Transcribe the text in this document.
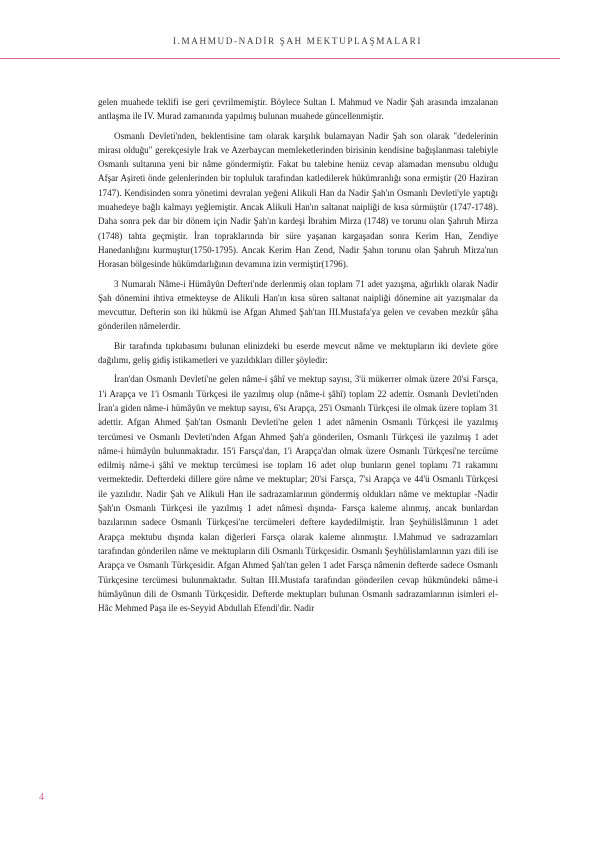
I.MAHMUD-NADİR ŞAH MEKTUPLAŞMALARI

gelen muahede teklifi ise geri çevrilmemiştir. Böylece Sultan I. Mahmud ve Nadir Şah arasında imzalanan antlaşma ile IV. Murad zamanında yapılmış bulunan muahede güncellenmiştir.

Osmanlı Devleti'nden, beklentisine tam olarak karşılık bulamayan Nadir Şah son olarak "dedelerinin mirası olduğu" gerekçesiyle Irak ve Azerbaycan memleketlerinden birisinin kendisine bağışlanması talebiyle Osmanlı sultanına yeni bir nâme göndermiştir. Fakat bu talebine henüz cevap alamadan mensubu olduğu Afşar Aşireti önde gelenlerinden bir topluluk tarafından katledilerek hükümranlığı sona ermiştir (20 Haziran 1747). Kendisinden sonra yönetimi devralan yeğeni Alikuli Han da Nadir Şah'ın Osmanlı Devleti'yle yaptığı muahedeye bağlı kalmayı yeğlemiştir. Ancak Alikuli Han'ın saltanat naipliği de kısa sürmüştür (1747-1748). Daha sonra pek dar bir dönem için Nadir Şah'ın kardeşi İbrahim Mirza (1748) ve torunu olan Şahruh Mirza (1748) tahta geçmiştir. İran topraklarında bir süre yaşanan kargaşadan sonra Kerim Han, Zendiye Hanedanlığını kurmuştur(1750-1795). Ancak Kerim Han Zend, Nadir Şahın torunu olan Şahruh Mirza'nın Horasan bölgesinde hükümdarlığının devamına izin vermiştir(1796).

3 Numaralı Nâme-i Hümâyûn Defteri'nde derlenmiş olan toplam 71 adet yazışma, ağırlıklı olarak Nadir Şah dönemini ihtiva etmekteyse de Alikuli Han'ın kısa süren saltanat naipliği dönemine ait yazışmalar da mevcuttur. Defterin son iki hükmü ise Afgan Ahmed Şah'tan III.Mustafa'ya gelen ve cevaben mezkûr şâha gönderilen nâmelerdir.

Bir tarafında tıpkıbasımı bulunan elinizdeki bu eserde mevcut nâme ve mektupların iki devlete göre dağılımı, geliş gidiş istikametleri ve yazıldıkları diller şöyledir:

İran'dan Osmanlı Devleti'ne gelen nâme-i şâhî ve mektup sayısı, 3'ü mükerrer olmak üzere 20'si Farsça, 1'i Arapça ve 1'i Osmanlı Türkçesi ile yazılmış olup (nâme-i şâhî) toplam 22 adettir. Osmanlı Devleti'nden İran'a giden nâme-i hümâyûn ve mektup sayısı, 6'sı Arapça, 25'i Osmanlı Türkçesi ile olmak üzere toplam 31 adettir. Afgan Ahmed Şah'tan Osmanlı Devleti'ne gelen 1 adet nâmenin Osmanlı Türkçesi ile yazılmış tercümesi ve Osmanlı Devleti'nden Afgan Ahmed Şah'a gönderilen, Osmanlı Türkçesi ile yazılmış 1 adet nâme-i hümâyûn bulunmaktadır. 15'i Farsça'dan, 1'i Arapça'dan olmak üzere Osmanlı Türkçesi'ne tercüme edilmiş nâme-i şâhî ve mektup tercümesi ise toplam 16 adet olup bunların genel toplamı 71 rakamını vermektedir. Defterdeki dillere göre nâme ve mektuplar; 20'si Farsça, 7'si Arapça ve 44'ü Osmanlı Türkçesi ile yazılıdır. Nadir Şah ve Alikuli Han ile sadrazamlarının göndermiş oldukları nâme ve mektuplar -Nadir Şah'ın Osmanlı Türkçesi ile yazılmış 1 adet nâmesi dışında- Farsça kaleme alınmış, ancak bunlardan bazılarının sadece Osmanlı Türkçesi'ne tercümeleri deftere kaydedilmiştir. İran Şeyhülislâmının 1 adet Arapça mektubu dışında kalan diğerleri Farsça olarak kaleme alınmıştır. I.Mahmud ve sadrazamları tarafından gönderilen nâme ve mektupların dili Osmanlı Türkçesidir. Osmanlı Şeyhülislamlarının yazı dili ise Arapça ve Osmanlı Türkçesidir. Afgan Ahmed Şah'tan gelen 1 adet Farsça nâmenin defterde sadece Osmanlı Türkçesine tercümesi bulunmaktadır. Sultan III.Mustafa tarafından gönderilen cevap hükmündeki nâme-i hümâyûnun dili de Osmanlı Türkçesidir. Defterde mektupları bulunan Osmanlı sadrazamlarının isimleri el-Hâc Mehmed Paşa ile es-Seyyid Abdullah Efendi'dir. Nadir

4
